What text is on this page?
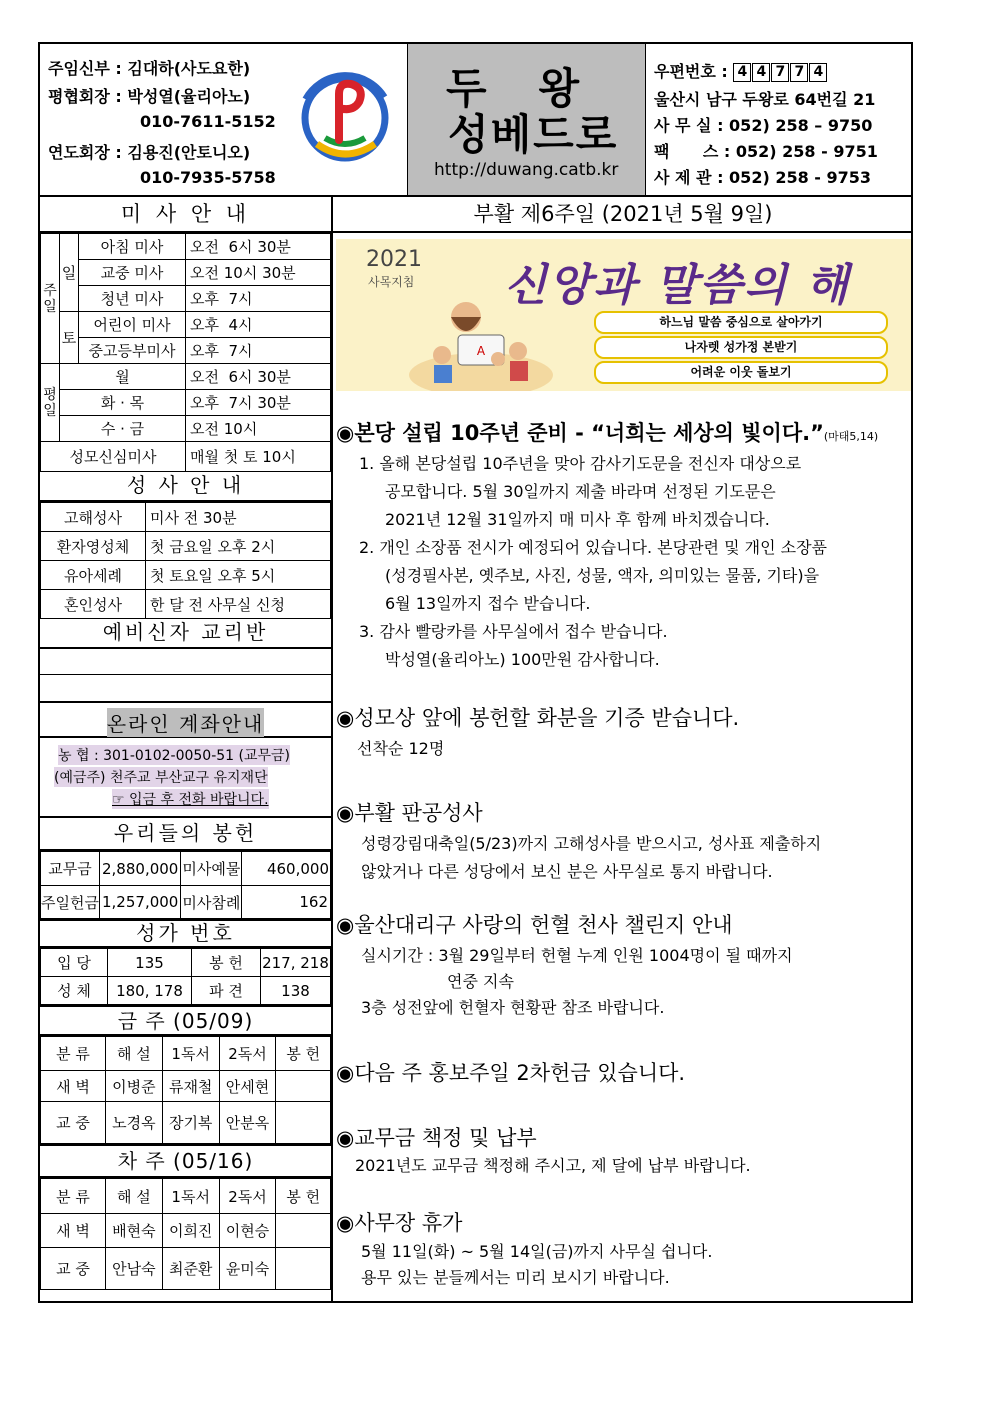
주임신부 : 김대하(사도요한)
평협회장 : 박성열(율리아노)
010-7611-5152
연도회장 : 김용진(안토니오)
010-7935-5758
두   왕
성베드로
http://duwang.catb.kr
우편번호 : 4 4 7 7 4
울산시 남구 두왕로 64번길 21
사 무 실 : 052) 258 – 9750
팩      스 : 052) 258 - 9751
사 제 관 : 052) 258 - 9753
미 사 안 내
주일	일	아침 미사	오전  6시 30분
		교중 미사	오전 10시 30분
		청년 미사	오후  7시
	토	어린이 미사	오후  4시
		중고등부미사	오후  7시
평일	월		오전  6시 30분
	화 · 목		오후  7시 30분
	수 · 금		오전 10시
성모신심미사			매월 첫 토 10시
성 사 안 내
고해성사	미사 전 30분
환자영성체	첫 금요일 오후 2시
유아세례	첫 토요일 오후 5시
혼인성사	한 달 전 사무실 신청
예비신자 교리반
온라인 계좌안내
농 협 : 301-0102-0050-51 (교무금)
(예금주) 천주교 부산교구 유지재단
☞ 입금 후 전화 바랍니다.
우리들의 봉헌
교무금	2,880,000	미사예물	460,000
주일헌금	1,257,000	미사참례	162
성가 번호
입 당	135	봉 헌	217, 218
성 체	180, 178	파 견	138
금 주 (05/09)
분 류	해 설	1독서	2독서	봉 헌
새 벽	이병준	류재철	안세현	
교 중	노경옥	장기복	안분옥	
차 주 (05/16)
분 류	해 설	1독서	2독서	봉 헌
새 벽	배현숙	이희진	이현승	
교 중	안남숙	최준환	윤미숙	
부활 제6주일 (2021년 5월 9일)
2021
사목지침 신앙과 말씀의 해
A
하느님 말씀 중심으로 살아가기
나자렛 성가정 본받기
어려운 이웃 돌보기
◉본당 설립 10주년 준비 - “너희는 세상의 빛이다.”(마태5,14)
1. 올해 본당설립 10주년을 맞아 감사기도문을 전신자 대상으로
공모합니다. 5월 30일까지 제출 바라며 선정된 기도문은
2021년 12월 31일까지 매 미사 후 함께 바치겠습니다.
2. 개인 소장품 전시가 예정되어 있습니다. 본당관련 및 개인 소장품
(성경필사본, 옛주보, 사진, 성물, 액자, 의미있는 물품, 기타)을
6월 13일까지 접수 받습니다.
3. 감사 빨랑카를 사무실에서 접수 받습니다.
박성열(율리아노) 100만원 감사합니다.
◉성모상 앞에 봉헌할 화분을 기증 받습니다.
선착순 12명
◉부활 판공성사
성령강림대축일(5/23)까지 고해성사를 받으시고, 성사표 제출하지
않았거나 다른 성당에서 보신 분은 사무실로 통지 바랍니다.
◉울산대리구 사랑의 헌혈 천사 챌린지 안내
실시기간 : 3월 29일부터 헌혈 누계 인원 1004명이 될 때까지
연중 지속
3층 성전앞에 헌혈자 현황판 참조 바랍니다.
◉다음 주 홍보주일 2차헌금 있습니다.
◉교무금 책정 및 납부
2021년도 교무금 책정해 주시고, 제 달에 납부 바랍니다.
◉사무장 휴가
5월 11일(화) ~ 5월 14일(금)까지 사무실 쉽니다.
용무 있는 분들께서는 미리 보시기 바랍니다.
